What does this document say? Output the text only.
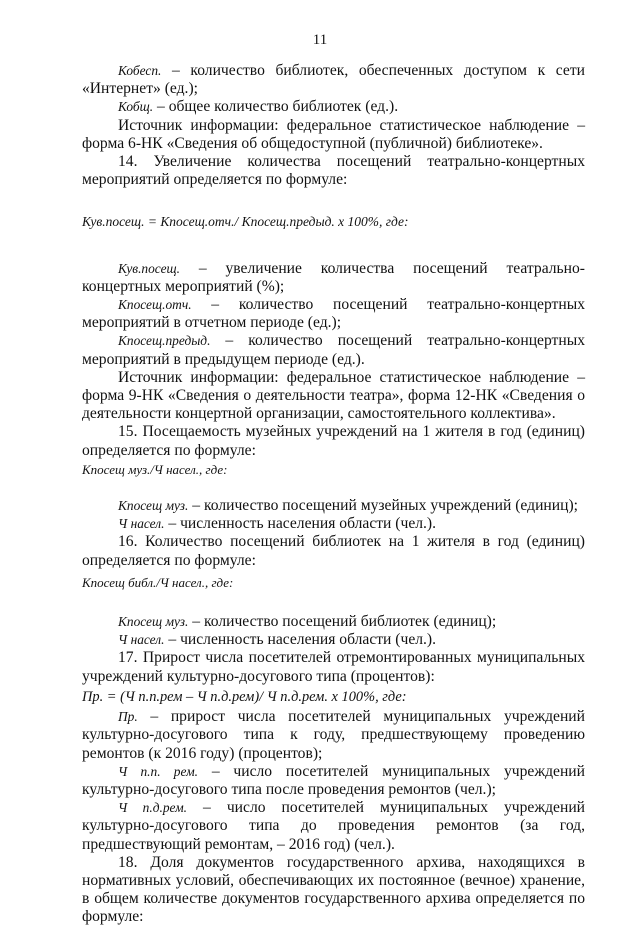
11

Кобесп. – количество библиотек, обеспеченных доступом к сети «Интернет» (ед.);

Кобщ. – общее количество библиотек (ед.).

Источник информации: федеральное статистическое наблюдение – форма 6-НК «Сведения об общедоступной (публичной) библиотеке».

14. Увеличение количества посещений театрально-концертных мероприятий определяется по формуле:

Кув.посещ. = Кпосещ.отч./ Кпосещ.предыд. х 100%, где:

Кув.посещ. – увеличение количества посещений театрально-концертных мероприятий (%);

Кпосещ.отч. – количество посещений театрально-концертных мероприятий в отчетном периоде (ед.);

Кпосещ.предыд. – количество посещений театрально-концертных мероприятий в предыдущем периоде (ед.).

Источник информации: федеральное статистическое наблюдение – форма 9-НК «Сведения о деятельности театра», форма 12-НК «Сведения о деятельности концертной организации, самостоятельного коллектива».

15. Посещаемость музейных учреждений на 1 жителя в год (единиц) определяется по формуле:

Кпосещ муз./Ч насел., где:

Кпосещ муз. – количество посещений музейных учреждений (единиц);

Ч насел. – численность населения области (чел.).

16. Количество посещений библиотек на 1 жителя в год (единиц) определяется по формуле:

Кпосещ библ./Ч насел., где:

Кпосещ муз. – количество посещений библиотек (единиц);

Ч насел. – численность населения области (чел.).

17. Прирост числа посетителей отремонтированных муниципальных учреждений культурно-досугового типа (процентов):

Пр. = (Ч п.п.рем – Ч п.д.рем)/ Ч п.д.рем. х 100%, где:

Пр. – прирост числа посетителей муниципальных учреждений культурно-досугового типа к году, предшествующему проведению ремонтов (к 2016 году) (процентов);

Ч п.п. рем. – число посетителей муниципальных учреждений культурно-досугового типа после проведения ремонтов (чел.);

Ч п.д.рем. – число посетителей муниципальных учреждений культурно-досугового типа до проведения ремонтов (за год, предшествующий ремонтам, – 2016 год) (чел.).

18. Доля документов государственного архива, находящихся в нормативных условий, обеспечивающих их постоянное (вечное) хранение, в общем количестве документов государственного архива определяется по формуле:
